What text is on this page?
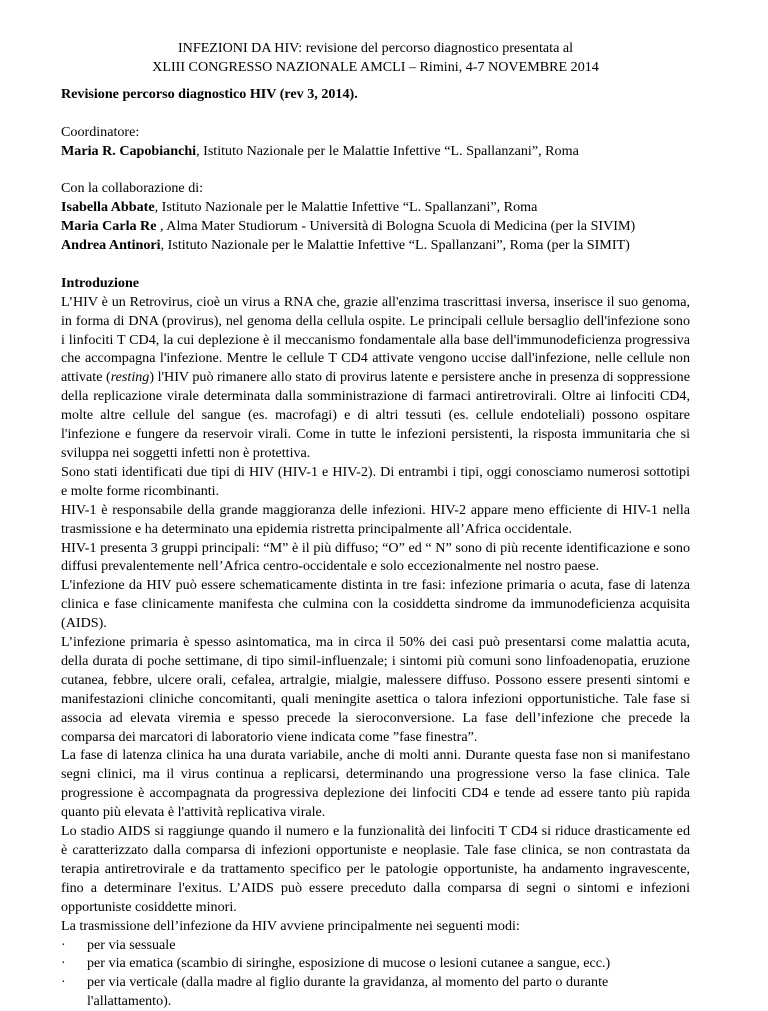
INFEZIONI DA HIV: revisione del percorso diagnostico presentata al
XLIII CONGRESSO NAZIONALE AMCLI – Rimini, 4-7 NOVEMBRE 2014
Revisione percorso diagnostico HIV (rev 3, 2014).
Coordinatore:
Maria R. Capobianchi, Istituto Nazionale per le Malattie Infettive “L. Spallanzani”, Roma
Con la collaborazione di:
Isabella Abbate, Istituto Nazionale per le Malattie Infettive “L. Spallanzani”, Roma
Maria Carla Re , Alma Mater Studiorum - Università di Bologna Scuola di Medicina (per la SIVIM)
Andrea Antinori, Istituto Nazionale per le Malattie Infettive “L. Spallanzani”, Roma (per la SIMIT)
Introduzione

L’HIV è un Retrovirus, cioè un virus a RNA che, grazie all'enzima trascrittasi inversa, inserisce il suo genoma, in forma di DNA (provirus), nel genoma della cellula ospite. Le principali cellule bersaglio dell'infezione sono i linfociti T CD4, la cui deplezione è il meccanismo fondamentale alla base dell'immunodeficienza progressiva che accompagna l'infezione. Mentre le cellule T CD4 attivate vengono uccise dall'infezione, nelle cellule non attivate (resting) l'HIV può rimanere allo stato di provirus latente e persistere anche in presenza di soppressione della replicazione virale determinata dalla somministrazione di farmaci antiretrovirali. Oltre ai linfociti CD4, molte altre cellule del sangue (es. macrofagi) e di altri tessuti (es. cellule endoteliali) possono ospitare l'infezione e fungere da reservoir virali. Come in tutte le infezioni persistenti, la risposta immunitaria che si sviluppa nei soggetti infetti non è protettiva.

Sono stati identificati due tipi di HIV (HIV-1 e HIV-2). Di entrambi i tipi, oggi conosciamo numerosi sottotipi e molte forme ricombinanti.

HIV-1 è responsabile della grande maggioranza delle infezioni. HIV-2 appare meno efficiente di HIV-1 nella trasmissione e ha determinato una epidemia ristretta principalmente all’Africa occidentale.

HIV-1 presenta 3 gruppi principali: “M” è il più diffuso; “O” ed “ N” sono di più recente identificazione e sono diffusi prevalentemente nell’Africa centro-occidentale e solo eccezionalmente nel nostro paese.

L'infezione da HIV può essere schematicamente distinta in tre fasi: infezione primaria o acuta, fase di latenza clinica e fase clinicamente manifesta che culmina con la cosiddetta sindrome da immunodeficienza acquisita (AIDS).

L’infezione primaria è spesso asintomatica, ma in circa il 50% dei casi può presentarsi come malattia acuta, della durata di poche settimane, di tipo simil-influenzale; i sintomi più comuni sono linfoadenopatia, eruzione cutanea, febbre, ulcere orali, cefalea, artralgie, mialgie, malessere diffuso. Possono essere presenti sintomi e manifestazioni cliniche concomitanti, quali meningite asettica o talora infezioni opportunistiche. Tale fase si associa ad elevata viremia e spesso precede la sieroconversione. La fase dell’infezione che precede la comparsa dei marcatori di laboratorio viene indicata come ”fase finestra”.

La fase di latenza clinica ha una durata variabile, anche di molti anni. Durante questa fase non si manifestano segni clinici, ma il virus continua a replicarsi, determinando una progressione verso la fase clinica. Tale progressione è accompagnata da progressiva deplezione dei linfociti CD4 e tende ad essere tanto più rapida quanto più elevata è l'attività replicativa virale.

Lo stadio AIDS si raggiunge quando il numero e la funzionalità dei linfociti T CD4 si riduce drasticamente ed è caratterizzato dalla comparsa di infezioni opportuniste e neoplasie. Tale fase clinica, se non contrastata da terapia antiretrovirale e da trattamento specifico per le patologie opportuniste, ha andamento ingravescente, fino a determinare l'exitus. L’AIDS può essere preceduto dalla comparsa di segni o sintomi e infezioni opportuniste cosiddette minori.

La trasmissione dell’infezione da HIV avviene principalmente nei seguenti modi:

·	per via sessuale
·	per via ematica (scambio di siringhe, esposizione di mucose o lesioni cutanee a sangue, ecc.)
·	per via verticale (dalla madre al figlio durante la gravidanza, al momento del parto o durante l'allattamento).
